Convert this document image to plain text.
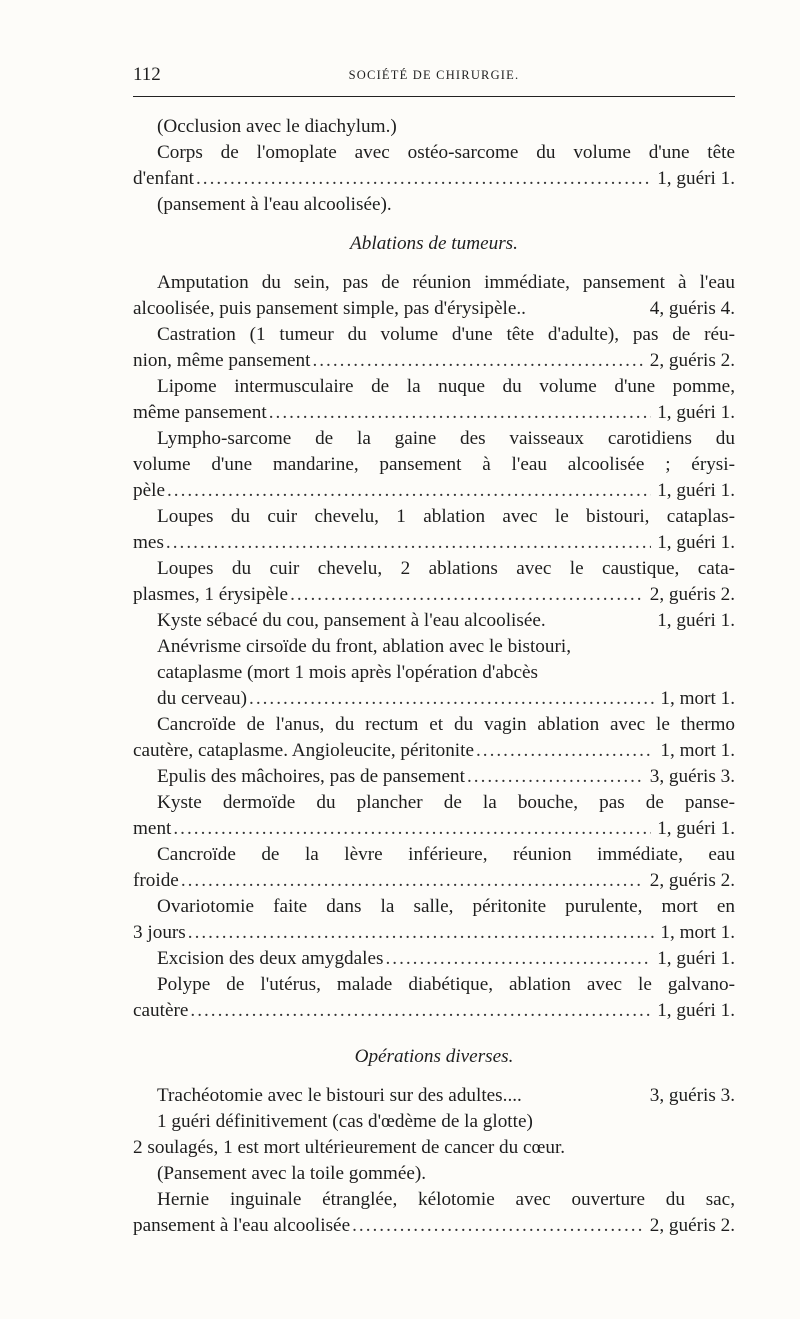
112	SOCIÉTÉ DE CHIRURGIE.
(Occlusion avec le diachylum.)
Corps de l'omoplate avec ostéo-sarcome du volume d'une tête
d'enfant .....	1, guéri 1.
(pansement à l'eau alcoolisée).
Ablations de tumeurs.
Amputation du sein, pas de réunion immédiate, pansement à l'eau
alcoolisée, puis pansement simple, pas d'érysipèle..	4, guéris 4.
Castration (1 tumeur du volume d'une tête d'adulte), pas de réu-
nion, même pansement .....	2, guéris 2.
Lipome intermusculaire de la nuque du volume d'une pomme,
même pansement .....	1, guéri 1.
Lympho-sarcome de la gaine des vaisseaux carotidiens du
volume d'une mandarine, pansement à l'eau alcoolisée ; érysi-
pèle .....	1, guéri 1.
Loupes du cuir chevelu, 1 ablation avec le bistouri, cataplas-
mes .....	1, guéri 1.
Loupes du cuir chevelu, 2 ablations avec le caustique, cata-
plasmes, 1 érysipèle .....	2, guéris 2.
Kyste sébacé du cou, pansement à l'eau alcoolisée.	1, guéri 1.
Anévrisme cirsoïde du front, ablation avec le bistouri,
cataplasme (mort 1 mois après l'opération d'abcès
du cerveau) .....	1, mort 1.
Cancroïde de l'anus, du rectum et du vagin ablation avec le thermo
cautère, cataplasme. Angioleucite, péritonite .....	1, mort 1.
Epulis des mâchoires, pas de pansement .....	3, guéris 3.
Kyste dermoïde du plancher de la bouche, pas de panse-
ment .....	1, guéri 1.
Cancroïde de la lèvre inférieure, réunion immédiate, eau
froide .....	2, guéris 2.
Ovariotomie faite dans la salle, péritonite purulente, mort en
3 jours .....	1, mort 1.
Excision des deux amygdales .....	1, guéri 1.
Polype de l'utérus, malade diabétique, ablation avec le galvano-
cautère .....	1, guéri 1.
Opérations diverses.
Trachéotomie avec le bistouri sur des adultes....	3, guéris 3.
1 guéri définitivement (cas d'œdème de la glotte)
2 soulagés, 1 est mort ultérieurement de cancer du cœur.
(Pansement avec la toile gommée).
Hernie inguinale étranglée, kélotomie avec ouverture du sac,
pansement à l'eau alcoolisée .....	2, guéris 2.
